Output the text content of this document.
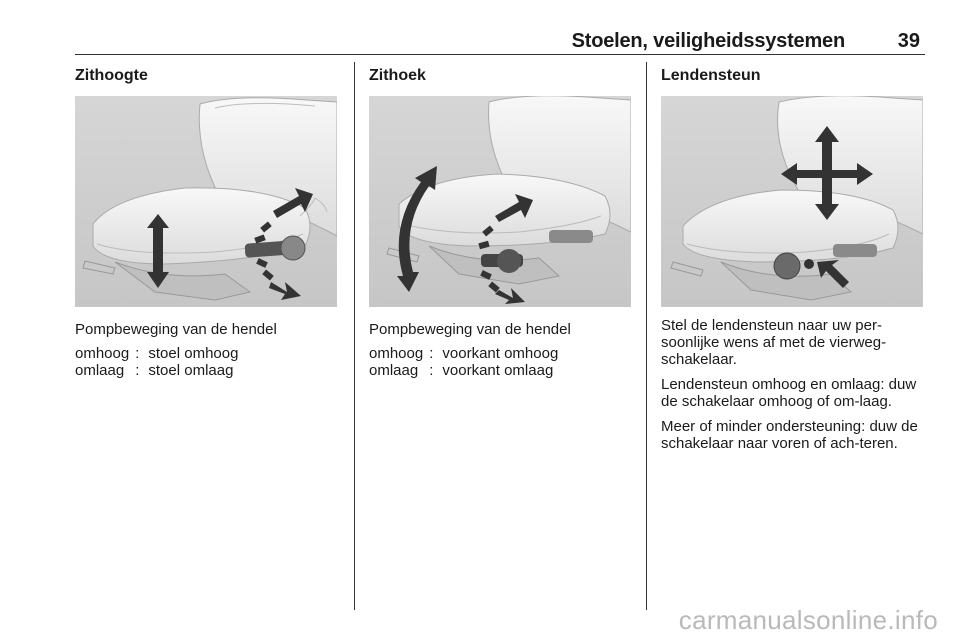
Stoelen, veiligheidssystemen	39
Zithoogte
Pompbeweging van de hendel
omhoog	:	stoel omhoog
omlaag	:	stoel omlaag
Zithoek
Pompbeweging van de hendel
omhoog	:	voorkant omhoog
omlaag	:	voorkant omlaag
Lendensteun

Stel de lendensteun naar uw per-soonlijke wens af met de vierweg-schakelaar.

Lendensteun omhoog en omlaag: duw de schakelaar omhoog of om-laag.

Meer of minder ondersteuning: duw de schakelaar naar voren of ach-teren.

carmanualsonline.info
